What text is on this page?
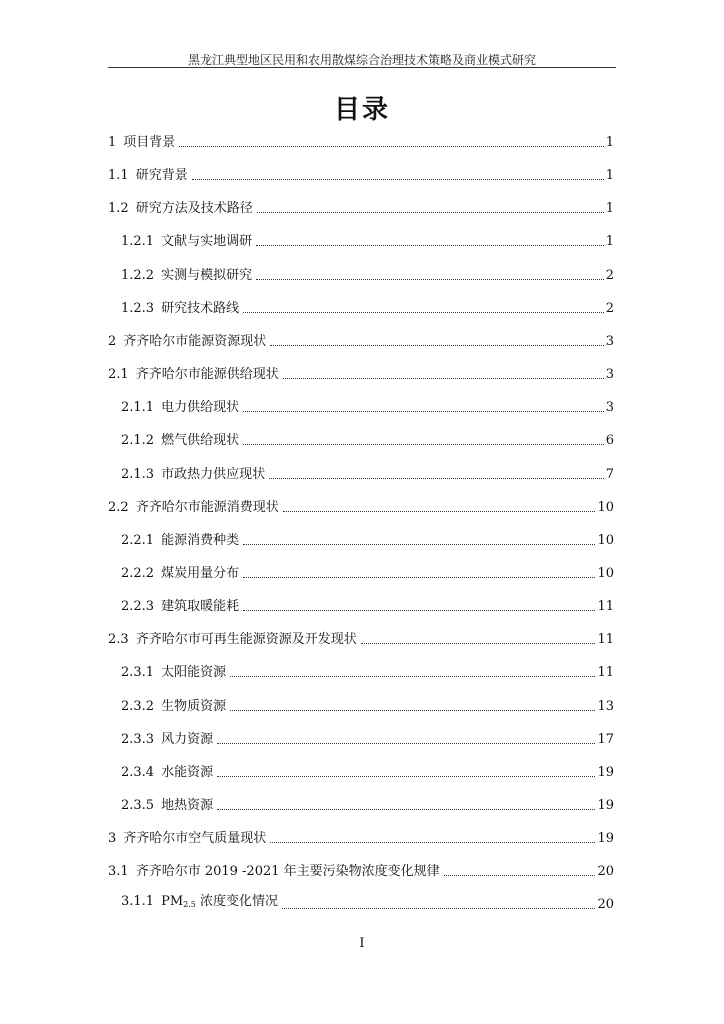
黑龙江典型地区民用和农用散煤综合治理技术策略及商业模式研究
目录
1 项目背景	1
1.1 研究背景	1
1.2 研究方法及技术路径	1
1.2.1 文献与实地调研	1
1.2.2 实测与模拟研究	2
1.2.3 研究技术路线	2
2 齐齐哈尔市能源资源现状	3
2.1 齐齐哈尔市能源供给现状	3
2.1.1 电力供给现状	3
2.1.2 燃气供给现状	6
2.1.3 市政热力供应现状	7
2.2 齐齐哈尔市能源消费现状	10
2.2.1 能源消费种类	10
2.2.2 煤炭用量分布	10
2.2.3 建筑取暖能耗	11
2.3 齐齐哈尔市可再生能源资源及开发现状	11
2.3.1 太阳能资源	11
2.3.2 生物质资源	13
2.3.3 风力资源	17
2.3.4 水能资源	19
2.3.5 地热资源	19
3 齐齐哈尔市空气质量现状	19
3.1 齐齐哈尔市 2019 -2021 年主要污染物浓度变化规律	20
3.1.1 $PM_{2.5}$ 浓度变化情况	20
I
